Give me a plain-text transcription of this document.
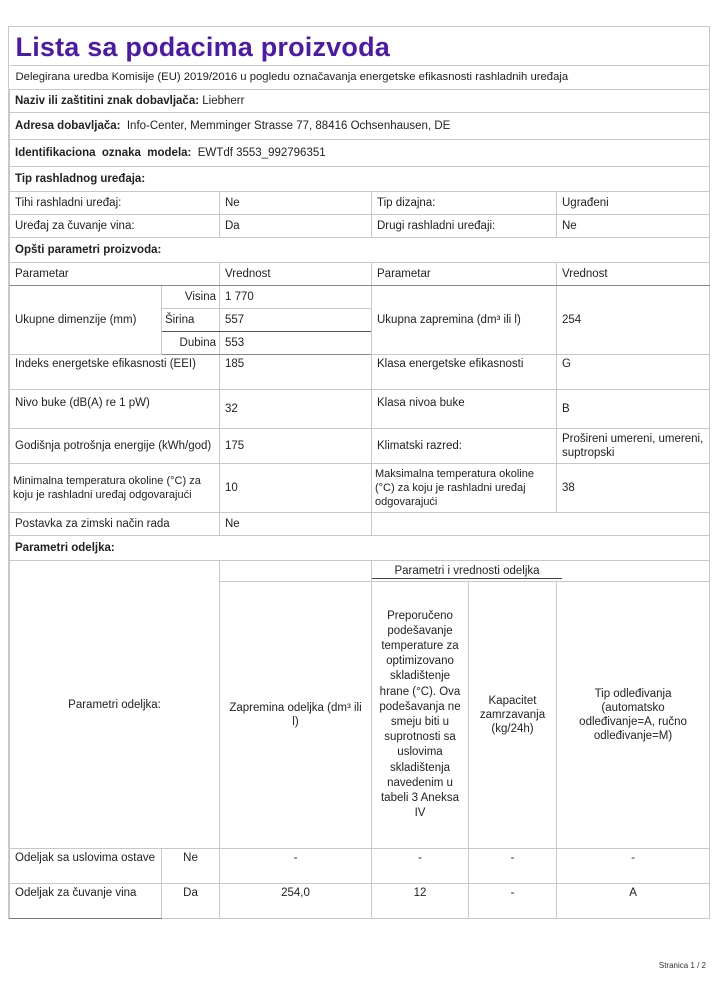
Lista sa podacima proizvoda					

Delegirana uredba Komisije (EU) 2019/2016 u pogledu označavanja energetske efikasnosti rashladnih uređaja					
Naziv ili zaštitini znak dobavljača: Liebherr					
Adresa dobavljača:  Info-Center, Memminger Strasse 77, 88416 Ochsenhausen, DE					
Identifikaciona  oznaka  modela:  EWTdf 3553_992796351					
Tip rashladnog uređaja:					
Tihi rashladni uređaj:		Ne	Tip dizajna:		Ugrađeni
Uređaj za čuvanje vina:		Da	Drugi rashladni uređaji:		Ne
Opšti parametri proizvoda:					
Parametar		Vrednost	Parametar		Vrednost
Ukupne dimenzije (mm)	Visina	1 770	Ukupna zapremina (dm³ ili l)		254
	Širina	557			
	Dubina	553			
Indeks energetske efikasnosti (EEI)		185	Klasa energetske efikasnosti		G
Nivo buke (dB(A) re 1 pW)		32	Klasa nivoa buke		B
Godišnja potrošnja energije (kWh/god)		175	Klimatski razred:		Prošireni umereni, umereni, suptropski
Minimalna temperatura okoline (°C) za koju je rashladni uređaj odgovarajući		10	Maksimalna temperatura okoline (°C) za koju je rashladni uređaj odgovarajući		38
Postavka za zimski način rada		Ne			
Parametri odeljka:					
Parametri odeljka:			Parametri i vrednosti odeljka		
		Zapremina odeljka (dm³ ili l)	Preporučeno podešavanje temperature za optimizovano skladištenje hrane (°C). Ova podešavanja ne smeju biti u suprotnosti sa uslovima skladištenja navedenim u tabeli 3 Aneksa IV	Kapacitet zamrzavanja (kg/24h)	Tip odleđivanja (automatsko odleđivanje=A, ručno odleđivanje=M)
Odeljak sa uslovima ostave	Ne	-	-	-	-
Odeljak za čuvanje vina	Da	254,0	12	-	A
Stranica 1 / 2
